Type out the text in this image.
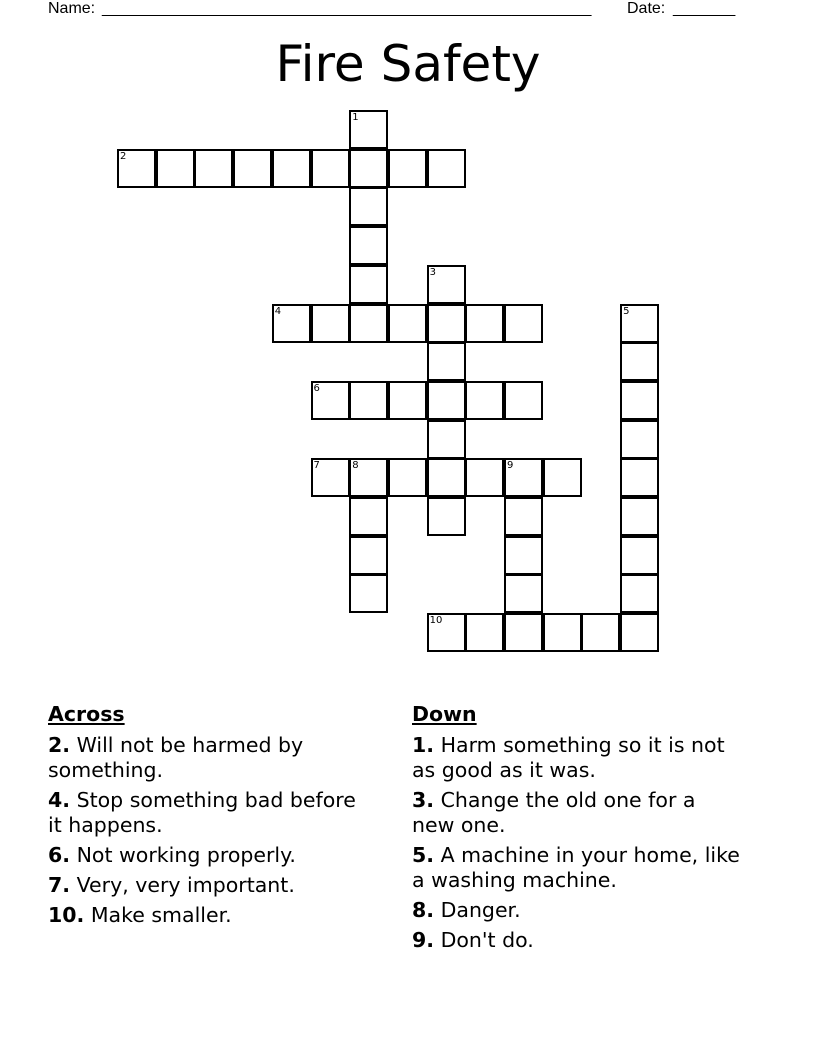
Name: _______________________________________________________	Date: _______
Fire Safety
1
2
3
4	5
6
7	8	9
10
Across
2. Will not be harmed by something.
4. Stop something bad before it happens.
6. Not working properly.
7. Very, very important.
10. Make smaller.
Down
1. Harm something so it is not as good as it was.
3. Change the old one for a new one.
5. A machine in your home, like a washing machine.
8. Danger.
9. Don't do.
